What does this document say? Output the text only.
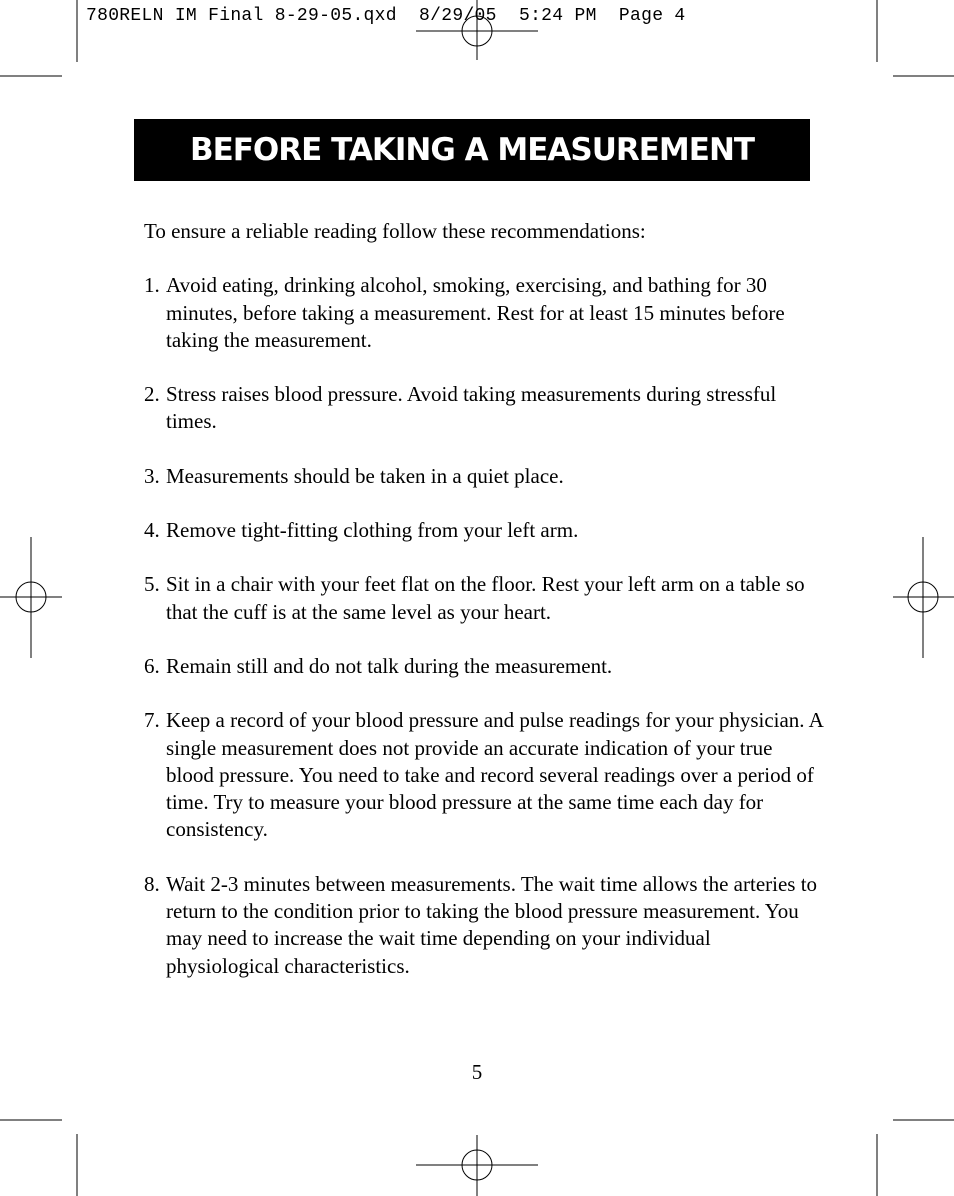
780RELN IM Final 8-29-05.qxd  8/29/05  5:24 PM  Page 4
BEFORE TAKING A MEASUREMENT

To ensure a reliable reading follow these recommendations:

1. Avoid eating, drinking alcohol, smoking, exercising, and bathing for 30 minutes, before taking a measurement. Rest for at least 15 minutes before taking the measurement.
2. Stress raises blood pressure. Avoid taking measurements during stressful times.
3. Measurements should be taken in a quiet place.
4. Remove tight-fitting clothing from your left arm.
5. Sit in a chair with your feet flat on the floor. Rest your left arm on a table so that the cuff is at the same level as your heart.
6. Remain still and do not talk during the measurement.
7. Keep a record of your blood pressure and pulse readings for your physician. A single measurement does not provide an accurate indication of your true blood pressure. You need to take and record several readings over a period of time. Try to measure your blood pressure at the same time each day for consistency.
8. Wait 2-3 minutes between measurements. The wait time allows the arteries to return to the condition prior to taking the blood pressure measurement. You may need to increase the wait time depending on your individual physiological characteristics.
5
